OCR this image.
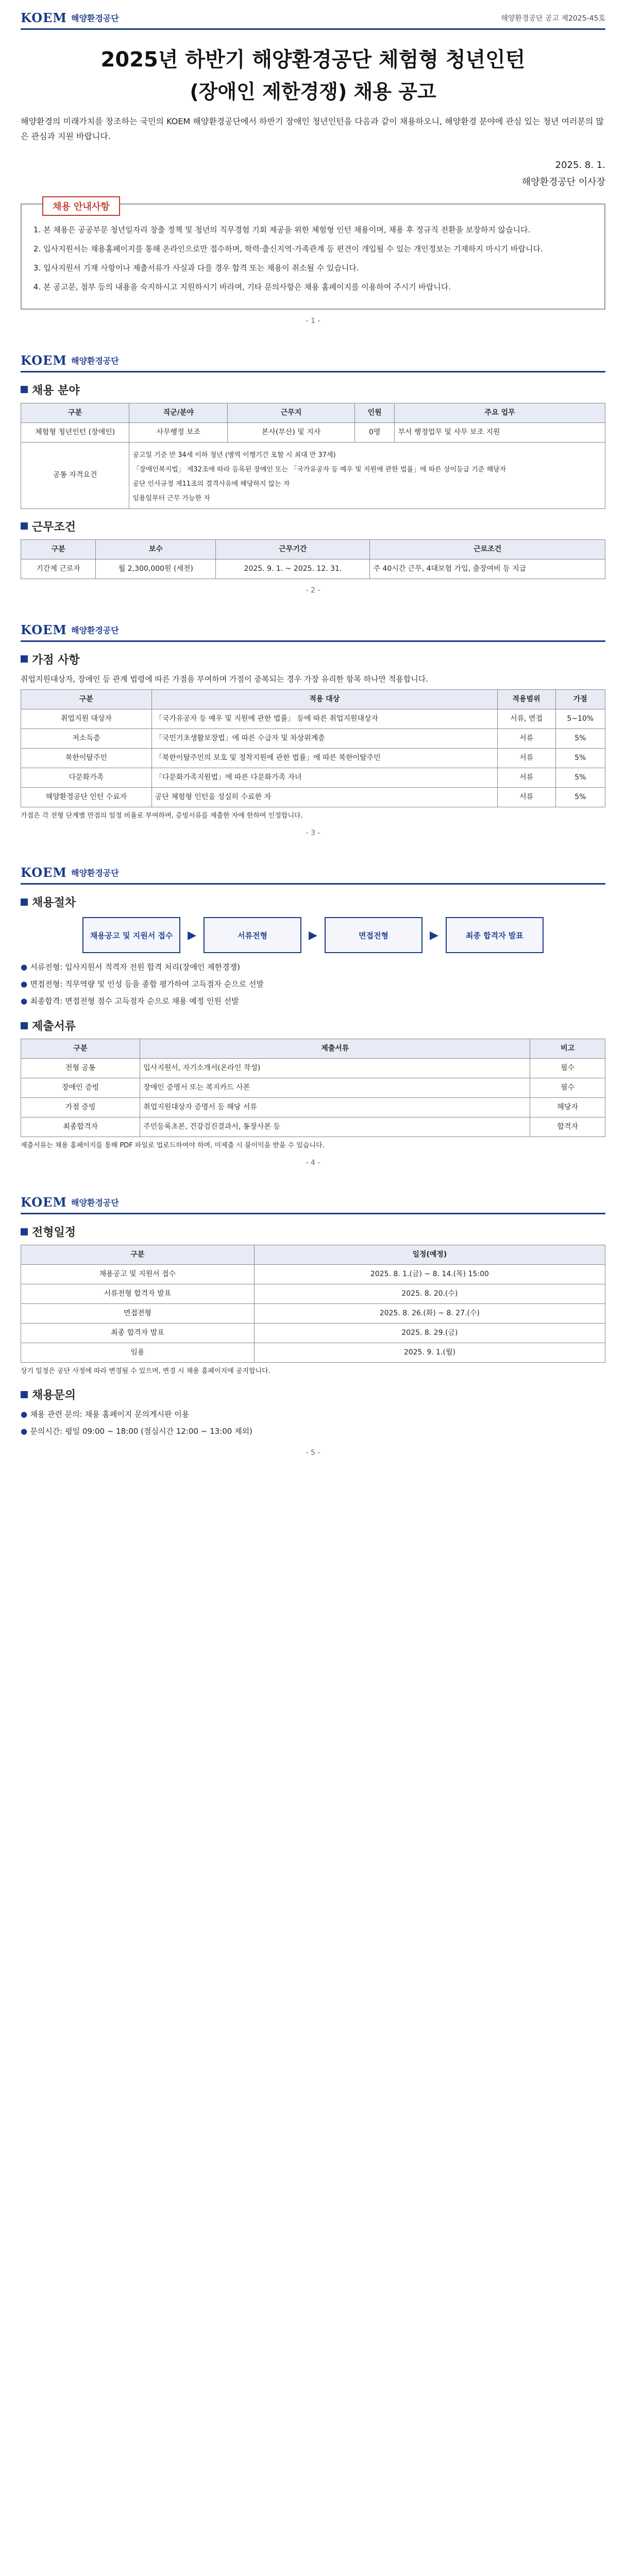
KOEM 해양환경공단	해양환경공단 공고 제2025-45호
2025년 하반기 해양환경공단 체험형 청년인턴
(장애인 제한경쟁) 채용 공고

해양환경의 미래가치를 창조하는 국민의 KOEM 해양환경공단에서 하반기 장애인 청년인턴을 다음과 같이 채용하오니, 해양환경 분야에 관심 있는 청년 여러분의 많은 관심과 지원 바랍니다.

2025. 8. 1.

해양환경공단 이사장

채용 안내사항
1. 본 채용은 공공부문 청년일자리 창출 정책 및 청년의 직무경험 기회 제공을 위한 체험형 인턴 채용이며, 채용 후 정규직 전환을 보장하지 않습니다.
2. 입사지원서는 채용홈페이지를 통해 온라인으로만 접수하며, 학력·출신지역·가족관계 등 편견이 개입될 수 있는 개인정보는 기재하지 마시기 바랍니다.
3. 입사지원서 기재 사항이나 제출서류가 사실과 다를 경우 합격 또는 채용이 취소될 수 있습니다.
4. 본 공고문, 첨부 등의 내용을 숙지하시고 지원하시기 바라며, 기타 문의사항은 채용 홈페이지를 이용하여 주시기 바랍니다.
- 1 -
KOEM 해양환경공단
채용 분야
구분	직군/분야	근무지	인원	주요 업무
체험형 청년인턴 (장애인)	사무행정 보조	본사(부산) 및 지사	0명	부서 행정업무 및 사무 보조 지원
공통 자격요건	공고일 기준 만 34세 이하 청년 (병역 이행기간 포함 시 최대 만 37세)

「장애인복지법」 제32조에 따라 등록된 장애인 또는 「국가유공자 등 예우 및 지원에 관한 법률」에 따른 상이등급 기준 해당자

공단 인사규정 제11조의 결격사유에 해당하지 않는 자

임용일부터 근무 가능한 자			

근무조건
구분	보수	근무기간	근로조건
기간제 근로자	월 2,300,000원 (세전)	2025. 9. 1. ~ 2025. 12. 31.	주 40시간 근무, 4대보험 가입, 출장여비 등 지급
- 2 -
KOEM 해양환경공단
가점 사항

취업지원대상자, 장애인 등 관계 법령에 따른 가점을 부여하며 가점이 중복되는 경우 가장 유리한 항목 하나만 적용합니다.

구분	적용 대상	적용범위	가점
취업지원 대상자	「국가유공자 등 예우 및 지원에 관한 법률」 등에 따른 취업지원대상자	서류, 면접	5~10%
저소득층	「국민기초생활보장법」에 따른 수급자 및 차상위계층	서류	5%
북한이탈주민	「북한이탈주민의 보호 및 정착지원에 관한 법률」에 따른 북한이탈주민	서류	5%
다문화가족	「다문화가족지원법」에 따른 다문화가족 자녀	서류	5%
해양환경공단 인턴 수료자	공단 체험형 인턴을 성실히 수료한 자	서류	5%

가점은 각 전형 단계별 만점의 일정 비율로 부여하며, 증빙서류를 제출한 자에 한하여 인정합니다.

- 3 -
KOEM 해양환경공단
채용절차
채용공고 및 지원서 접수	▶	서류전형	▶	면접전형	▶	최종 합격자 발표

● 서류전형: 입사지원서 적격자 전원 합격 처리(장애인 제한경쟁)

● 면접전형: 직무역량 및 인성 등을 종합 평가하여 고득점자 순으로 선발

● 최종합격: 면접전형 점수 고득점자 순으로 채용 예정 인원 선발

제출서류
구분	제출서류	비고
전형 공통	입사지원서, 자기소개서(온라인 작성)	필수
장애인 증빙	장애인 증명서 또는 복지카드 사본	필수
가점 증빙	취업지원대상자 증명서 등 해당 서류	해당자
최종합격자	주민등록초본, 건강검진결과서, 통장사본 등	합격자

제출서류는 채용 홈페이지를 통해 PDF 파일로 업로드하여야 하며, 미제출 시 불이익을 받을 수 있습니다.

- 4 -
KOEM 해양환경공단
전형일정
구분	일정(예정)
채용공고 및 지원서 접수	2025. 8. 1.(금) ~ 8. 14.(목) 15:00
서류전형 합격자 발표	2025. 8. 20.(수)
면접전형	2025. 8. 26.(화) ~ 8. 27.(수)
최종 합격자 발표	2025. 8. 29.(금)
임용	2025. 9. 1.(월)

상기 일정은 공단 사정에 따라 변경될 수 있으며, 변경 시 채용 홈페이지에 공지합니다.

채용문의

● 채용 관련 문의: 채용 홈페이지 문의게시판 이용

● 문의시간: 평일 09:00 ~ 18:00 (점심시간 12:00 ~ 13:00 제외)

- 5 -
